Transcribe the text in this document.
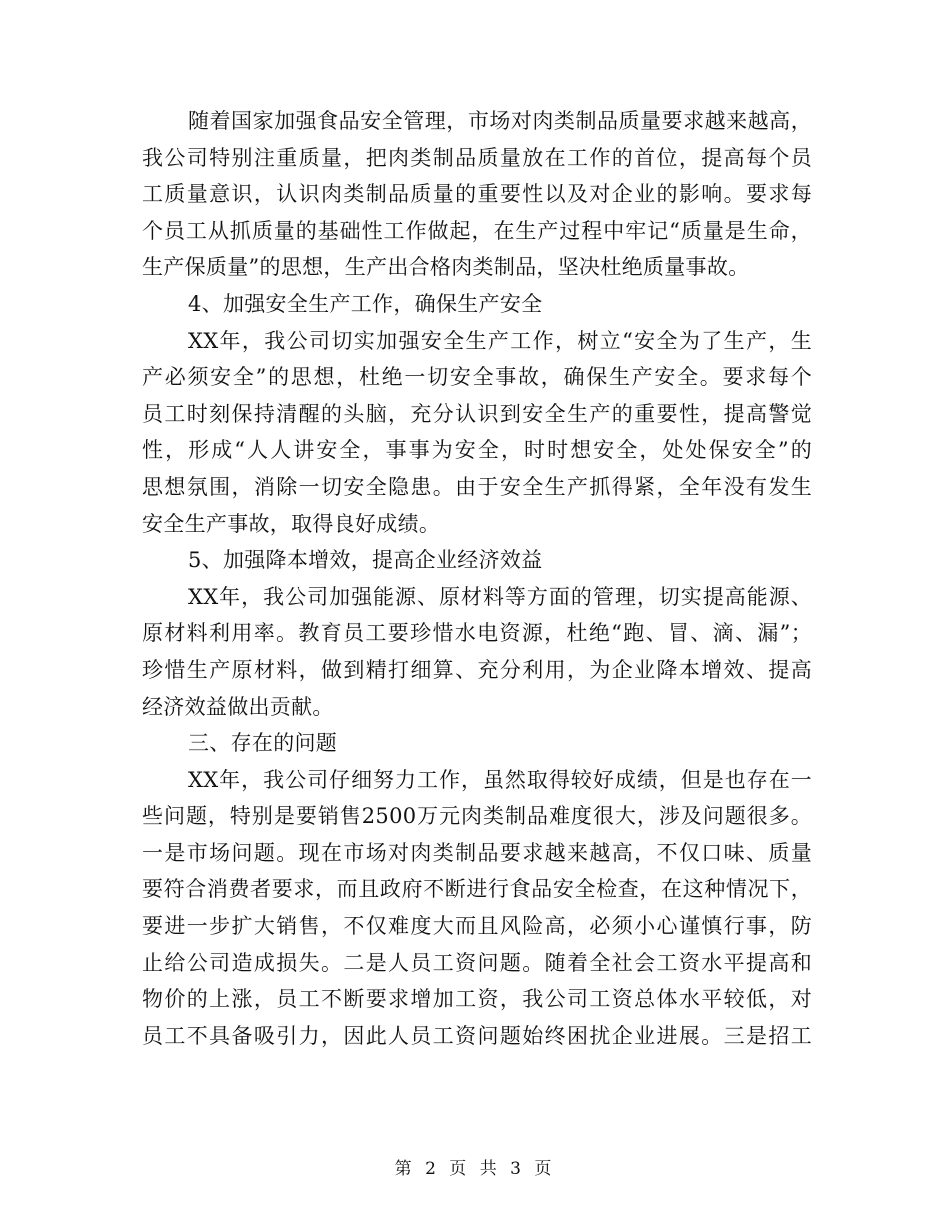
随着国家加强食品安全管理，市场对肉类制品质量要求越来越高，
我公司特别注重质量，把肉类制品质量放在工作的首位，提高每个员
工质量意识，认识肉类制品质量的重要性以及对企业的影响。要求每
个员工从抓质量的基础性工作做起，在生产过程中牢记“质量是生命，
生产保质量”的思想，生产出合格肉类制品，坚决杜绝质量事故。
4、加强安全生产工作，确保生产安全
XX年，我公司切实加强安全生产工作，树立“安全为了生产，生
产必须安全”的思想，杜绝一切安全事故，确保生产安全。要求每个
员工时刻保持清醒的头脑，充分认识到安全生产的重要性，提高警觉
性，形成“人人讲安全，事事为安全，时时想安全，处处保安全”的
思想氛围，消除一切安全隐患。由于安全生产抓得紧，全年没有发生
安全生产事故，取得良好成绩。
5、加强降本增效，提高企业经济效益
XX年，我公司加强能源、原材料等方面的管理，切实提高能源、
原材料利用率。教育员工要珍惜水电资源，杜绝“跑、冒、滴、漏”；
珍惜生产原材料，做到精打细算、充分利用，为企业降本增效、提高
经济效益做出贡献。
三、存在的问题
XX年，我公司仔细努力工作，虽然取得较好成绩，但是也存在一
些问题，特别是要销售2500万元肉类制品难度很大，涉及问题很多。
一是市场问题。现在市场对肉类制品要求越来越高，不仅口味、质量
要符合消费者要求，而且政府不断进行食品安全检查，在这种情况下，
要进一步扩大销售，不仅难度大而且风险高，必须小心谨慎行事，防
止给公司造成损失。二是人员工资问题。随着全社会工资水平提高和
物价的上涨，员工不断要求增加工资，我公司工资总体水平较低，对
员工不具备吸引力，因此人员工资问题始终困扰企业进展。三是招工
第 2 页 共 3 页
